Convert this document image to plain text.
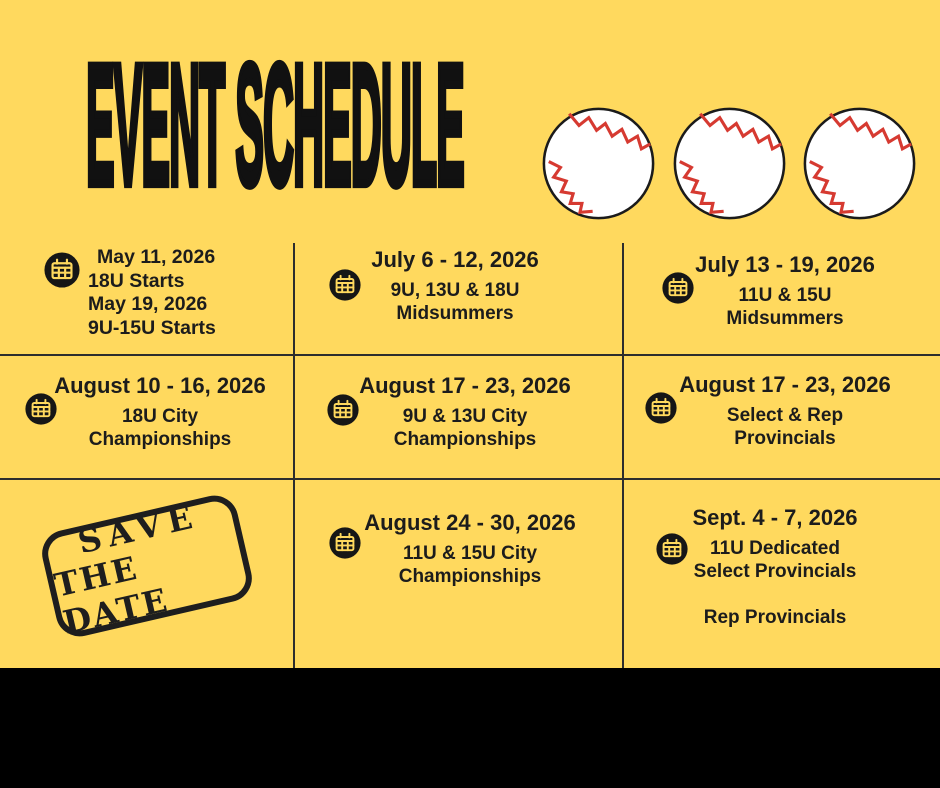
EVENT SCHEDULE
May 11, 2026
18U Starts
May 19, 2026
9U-15U Starts
July 6 - 12, 2026
9U, 13U & 18U
Midsummers
July 13 - 19, 2026
11U & 15U
Midsummers
August 10 - 16, 2026
18U City
Championships
August 17 - 23, 2026
9U & 13U City
Championships
August 17 - 23, 2026
Select & Rep
Provincials
SAVE
THE DATE
August 24 - 30, 2026
11U & 15U City
Championships
Sept. 4 - 7, 2026
11U Dedicated
Select Provincials
Rep Provincials
